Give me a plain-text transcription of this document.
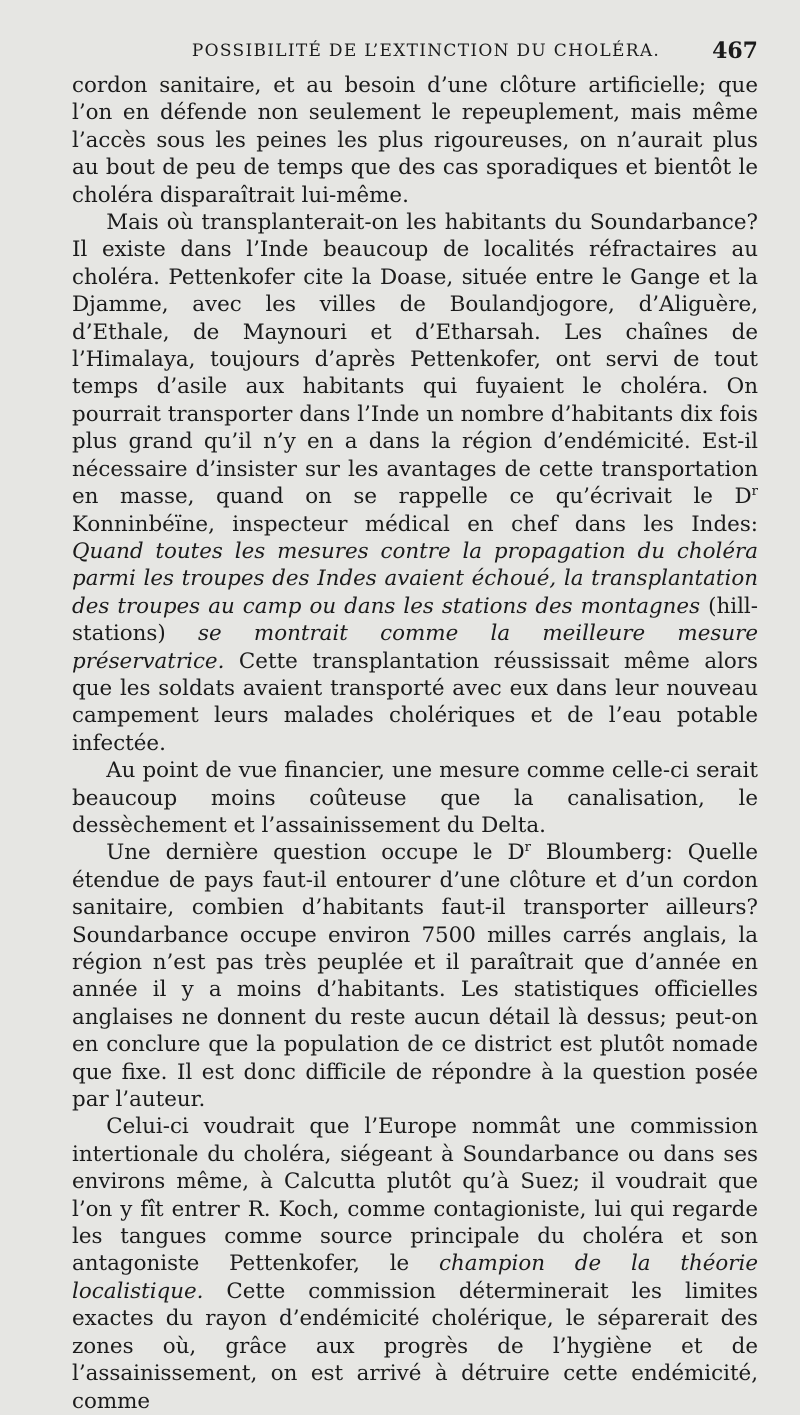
POSSIBILITÉ DE L’EXTINCTION DU CHOLÉRA. 467

cordon sanitaire, et au besoin d’une clôture artificielle; que l’on en défende non seulement le repeuplement, mais même l’accès sous les peines les plus rigoureuses, on n’aurait plus au bout de peu de temps que des cas sporadiques et bientôt le choléra disparaîtrait lui-même.

Mais où transplanterait-on les habitants du Soundarbance? Il existe dans l’Inde beaucoup de localités réfractaires au choléra. Pettenkofer cite la Doase, située entre le Gange et la Djamme, avec les villes de Boulandjogore, d’Aliguère, d’Ethale, de Maynouri et d’Etharsah. Les chaînes de l’Himalaya, toujours d’après Pettenkofer, ont servi de tout temps d’asile aux habitants qui fuyaient le choléra. On pourrait transporter dans l’Inde un nombre d’habitants dix fois plus grand qu’il n’y en a dans la région d’endémicité. Est-il nécessaire d’insister sur les avantages de cette transportation en masse, quand on se rappelle ce qu’écrivait le $D^r$ Konninbéïne, inspecteur médical en chef dans les Indes: Quand toutes les mesures contre la propagation du choléra parmi les troupes des Indes avaient échoué, la transplantation des troupes au camp ou dans les stations des montagnes (hill-stations) se montrait comme la meilleure mesure préservatrice. Cette transplantation réussissait même alors que les soldats avaient transporté avec eux dans leur nouveau campement leurs malades cholériques et de l’eau potable infectée.

Au point de vue financier, une mesure comme celle-ci serait beaucoup moins coûteuse que la canalisation, le dessèchement et l’assainissement du Delta.

Une dernière question occupe le $D^r$ Bloumberg: Quelle étendue de pays faut-il entourer d’une clôture et d’un cordon sanitaire, combien d’habitants faut-il transporter ailleurs? Soundarbance occupe environ 7500 milles carrés anglais, la région n’est pas très peuplée et il paraîtrait que d’année en année il y a moins d’habitants. Les statistiques officielles anglaises ne donnent du reste aucun détail là dessus; peut-on en conclure que la population de ce district est plutôt nomade que fixe. Il est donc difficile de répondre à la question posée par l’auteur.

Celui-ci voudrait que l’Europe nommât une commission intertionale du choléra, siégeant à Soundarbance ou dans ses environs même, à Calcutta plutôt qu’à Suez; il voudrait que l’on y fît entrer R. Koch, comme contagioniste, lui qui regarde les tangues comme source principale du choléra et son antagoniste Pettenkofer, le champion de la théorie localistique. Cette commission déterminerait les limites exactes du rayon d’endémicité cholérique, le séparerait des zones où, grâce aux progrès de l’hygiène et de l’assainissement, on est arrivé à détruire cette endémicité, comme
